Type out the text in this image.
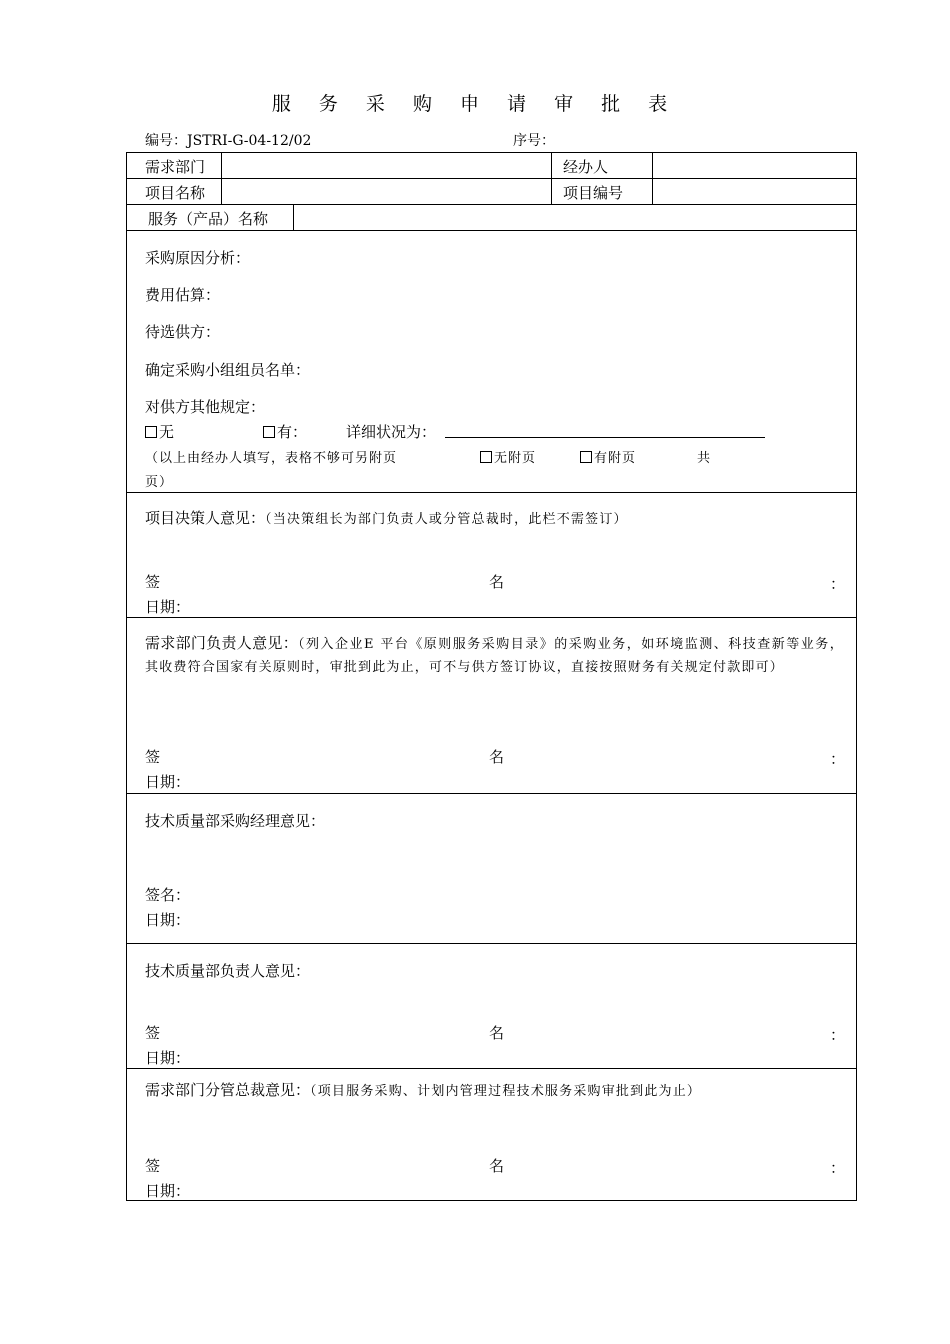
服 务 采 购 申 请 审 批 表
编号：JSTRI-G-04-12/02	序号：
需求部门	经办人
项目名称	项目编号
服务（产品）名称
采购原因分析：
费用估算：
待选供方：
确定采购小组组员名单：
对供方其他规定：
无	有：	详细状况为：
（以上由经办人填写，表格不够可另附页	无附页	有附页	共
页）
项目决策人意见：（当决策组长为部门负责人或分管总裁时，此栏不需签订）
签	名	：
日期：
需求部门负责人意见：（列入企业E 平台《原则服务采购目录》的采购业务，如环境监测、科技查新等业务，其收费符合国家有关原则时，审批到此为止，可不与供方签订协议，直接按照财务有关规定付款即可）
签	名	：
日期：
技术质量部采购经理意见：
签名：
日期：
技术质量部负责人意见：
签	名	：
日期：
需求部门分管总裁意见：（项目服务采购、计划内管理过程技术服务采购审批到此为止）
签	名	：
日期：
